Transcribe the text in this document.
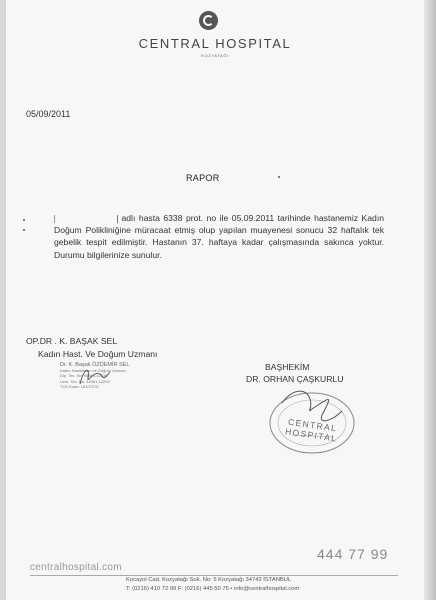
CENTRAL HOSPITAL
KOZYATAĞI
05/09/2011
RAPOR
adlı hasta 6338 prot. no ile 05.09.2011 tarihinde hastanemiz Kadın Doğum Polikliniğine müracaat etmiş olup yapılan muayenesi sonucu 32 haftalık tek gebelik tespit edilmiştir. Hastanın 37. haftaya kadar çalışmasında sakınca yoktur. Durumu bilgilerinize sunulur.
OP.DR . K. BAŞAK SEL
Kadın Hast. Ve Doğum Uzmanı
Dr. K. Başak ÖZDEMİR SEL
Kadın Hastalıkları ve Doğum Uzmanı
Dip. Tes. No: 95861-10036
Uzm. Tes. No: 34961-12229
TCK Kodu: 18107575
BAŞHEKİM
DR. ORHAN ÇAŞKURLU
CENTRAL HOSPITAL
444 77 99
centralhospital.com
Kocayol Cad. Kozyatağı Sok. No: 5 Kozyatağı 34742 İSTANBUL
T: (0216) 410 72 99 F: (0216) 445 50 75 • info@centralhospital.com
